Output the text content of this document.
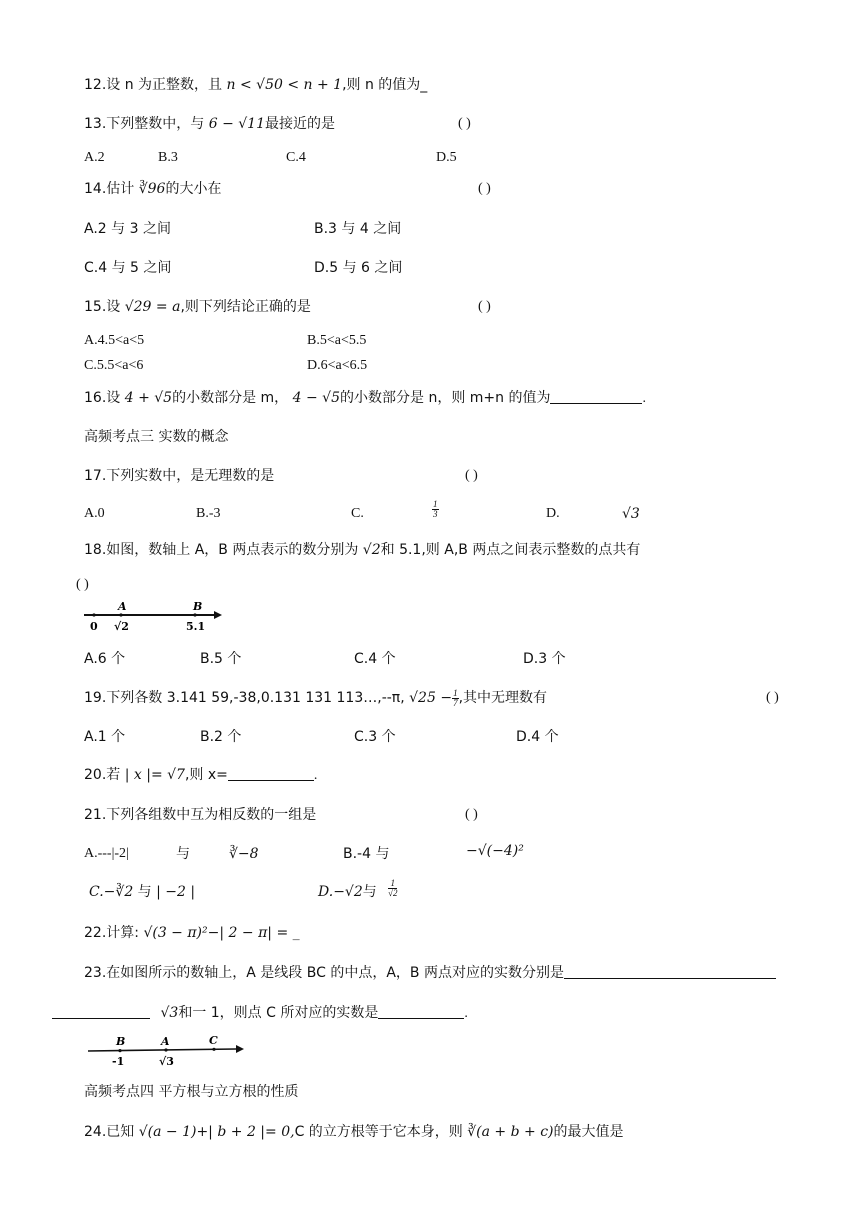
12.设 n 为正整数，且 n < √50 < n + 1,则 n 的值为_
13.下列整数中，与 6 − √11最接近的是	( )
A.2	B.3	C.4	D.5
14.估计 ∛96的大小在	( )
A.2 与 3 之间	B.3 与 4 之间
C.4 与 5 之间	D.5 与 6 之间
15.设 √29 = a,则下列结论正确的是	( )
A.4.5<a<5	B.5<a<5.5
C.5.5<a<6	D.6<a<6.5
16.设 4 + √5的小数部分是 m， 4 − √5的小数部分是 n，则 m+n 的值为	.
高频考点三 实数的概念
17.下列实数中，是无理数的是	( )
A.0	B.-3	C.	$\frac{1}{3}$	D.	√3
18.如图，数轴上 A，B 两点表示的数分别为 √2和 5.1,则 A,B 两点之间表示整数的点共有
( )
A	B
0 √2	5.1
A.6 个	B.5 个	C.4 个	D.3 个
19.下列各数 3.141 59,-38,0.131 131 113…,--π, $√25 - \frac{1}{7}$ ,其中无理数有	( )
A.1 个	B.2 个	C.3 个	D.4 个
20.若 | x |= √7,则 x=	.
21.下列各组数中互为相反数的一组是	( )
A.---|-2|	与	∛−8	B.-4 与	−√(−4)²
C.−∛2 与 | −2 |	D.−√2与 $\frac{1}{√2}$
22.计算: √(3 − π)²−| 2 − π| = _
23.在如图所示的数轴上，A 是线段 BC 的中点，A，B 两点对应的实数分别是
√3和一 1，则点 C 所对应的实数是	.
B	A	C
-1	√3
高频考点四 平方根与立方根的性质
24.已知 √(a − 1)+| b + 2 |= 0,C 的立方根等于它本身，则 ∛(a + b + c)的最大值是
